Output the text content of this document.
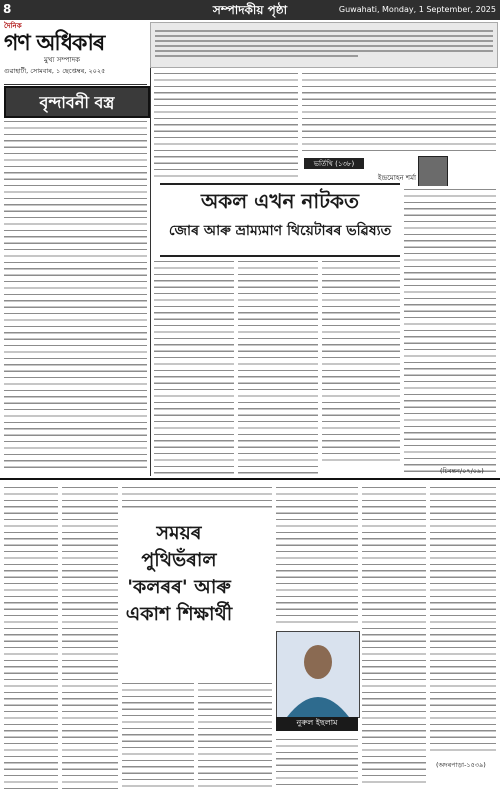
8	সম্পাদকীয় পৃষ্ঠা	Guwahati, Monday, 1 September, 2025
দৈনিক
গণ অধিকাৰ
মুখ্য সম্পাদক
গুৱাহাটী, সোমবাৰ, ১ ছেপ্তেম্বৰ, ২০২৫
বৃন্দাবনী বস্ত্ৰ
ভৰ্তিখি (১৩৮)
ইন্দ্ৰমোহন শৰ্মা
অকল এখন নাটকত
জোৰ আৰু ভ্ৰাম্যমাণ থিয়েটাৰৰ ভৱিষ্যত
(চিৰন্তন/০৭/০৯)
সময়ৰ পুথিভঁৰাল 'কলৰৰ' আৰু একাশ শিক্ষাৰ্থী
নুৰুল ইছলাম
(অদৰপাড়া-১৫৩৯)
